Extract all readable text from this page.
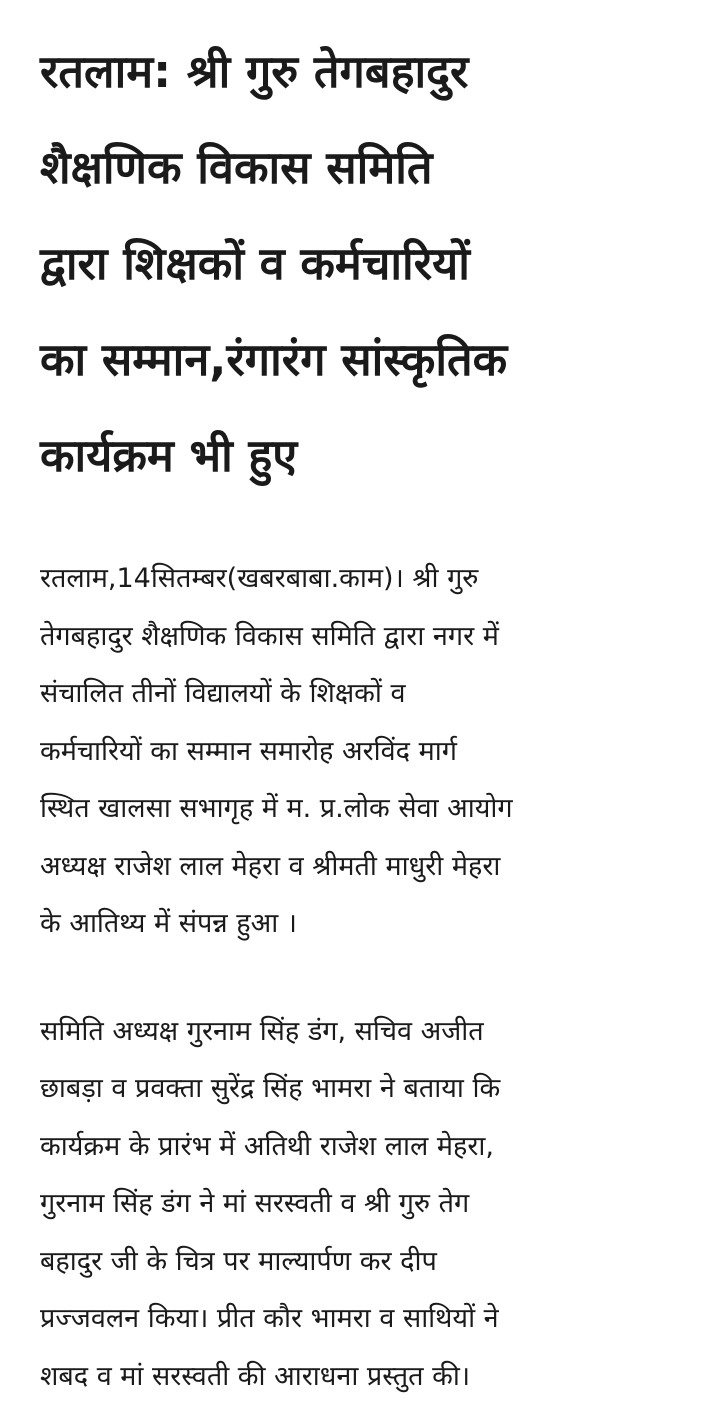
रतलाम: श्री गुरु तेगबहादुर
शैक्षणिक विकास समिति
द्वारा शिक्षकों व कर्मचारियों
का सम्मान,रंगारंग सांस्कृतिक
कार्यक्रम भी हुए

रतलाम,14सितम्बर(खबरबाबा.काम)। श्री गुरु
तेगबहादुर शैक्षणिक विकास समिति द्वारा नगर में
संचालित तीनों विद्यालयों के शिक्षकों व
कर्मचारियों का सम्मान समारोह अरविंद मार्ग
स्थित खालसा सभागृह में म. प्र.लोक सेवा आयोग
अध्यक्ष राजेश लाल मेहरा व श्रीमती माधुरी मेहरा
के आतिथ्य में संपन्न हुआ ।

समिति अध्यक्ष गुरनाम सिंह डंग, सचिव अजीत
छाबड़ा व प्रवक्ता सुरेंद्र सिंह भामरा ने बताया कि
कार्यक्रम के प्रारंभ में अतिथी राजेश लाल मेहरा,
गुरनाम सिंह डंग ने मां सरस्वती व श्री गुरु तेग
बहादुर जी के चित्र पर माल्यार्पण कर दीप
प्रज्जवलन किया। प्रीत कौर भामरा व साथियों ने
शबद व मां सरस्वती की आराधना प्रस्तुत की।
